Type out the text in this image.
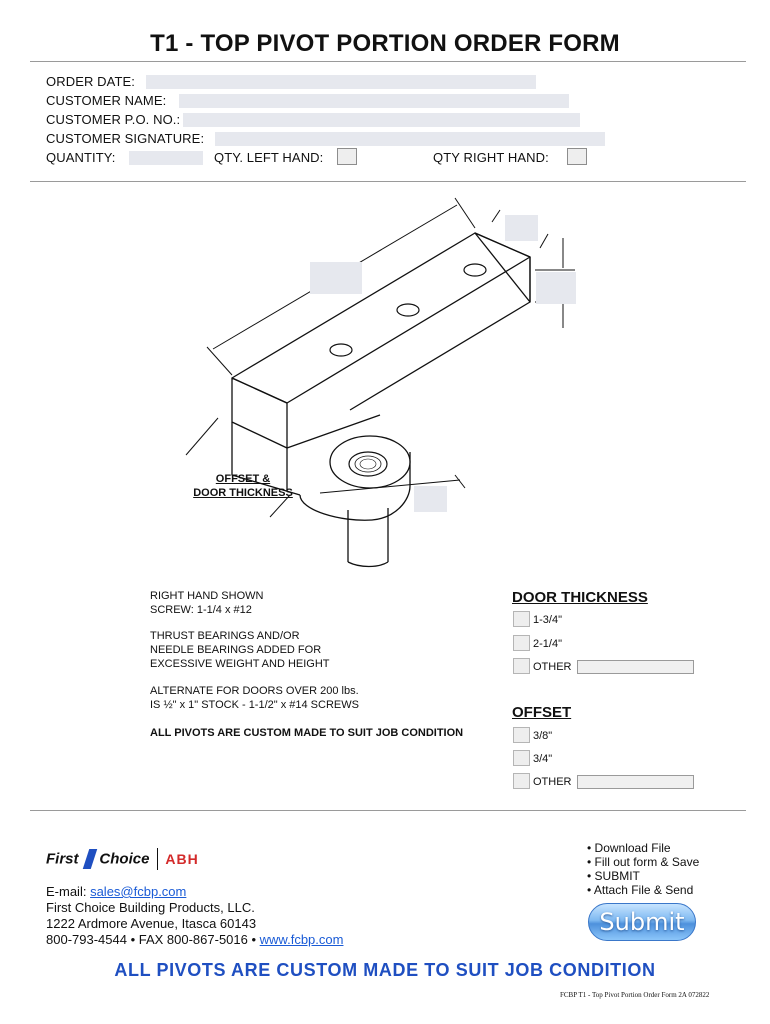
T1 - TOP PIVOT PORTION ORDER FORM
ORDER DATE:
CUSTOMER NAME:
CUSTOMER P.O. NO.:
CUSTOMER SIGNATURE:
QUANTITY:	QTY. LEFT HAND:	QTY RIGHT HAND:
OFFSET &
DOOR THICKNESS
RIGHT HAND SHOWN
SCREW: 1-1/4 x #12
THRUST BEARINGS AND/OR
NEEDLE BEARINGS ADDED FOR
EXCESSIVE WEIGHT AND HEIGHT
ALTERNATE FOR DOORS OVER 200 lbs.
IS ½" x 1" STOCK - 1-1/2" x #14 SCREWS
ALL PIVOTS ARE CUSTOM MADE TO SUIT JOB CONDITION
DOOR THICKNESS
1-3/4"
2-1/4"
OTHER
OFFSET
3/8"
3/4"
OTHER
First Choice ABH
E-mail: sales@fcbp.com
First Choice Building Products, LLC.
1222 Ardmore Avenue, Itasca 60143
800-793-4544 • FAX 800-867-5016 • www.fcbp.com
• Download File
• Fill out form & Save
• SUBMIT
• Attach File & Send
Submit
ALL PIVOTS ARE CUSTOM MADE TO SUIT JOB CONDITION
FCBP T1 - Top Pivot Portion Order Form 2A 072822
